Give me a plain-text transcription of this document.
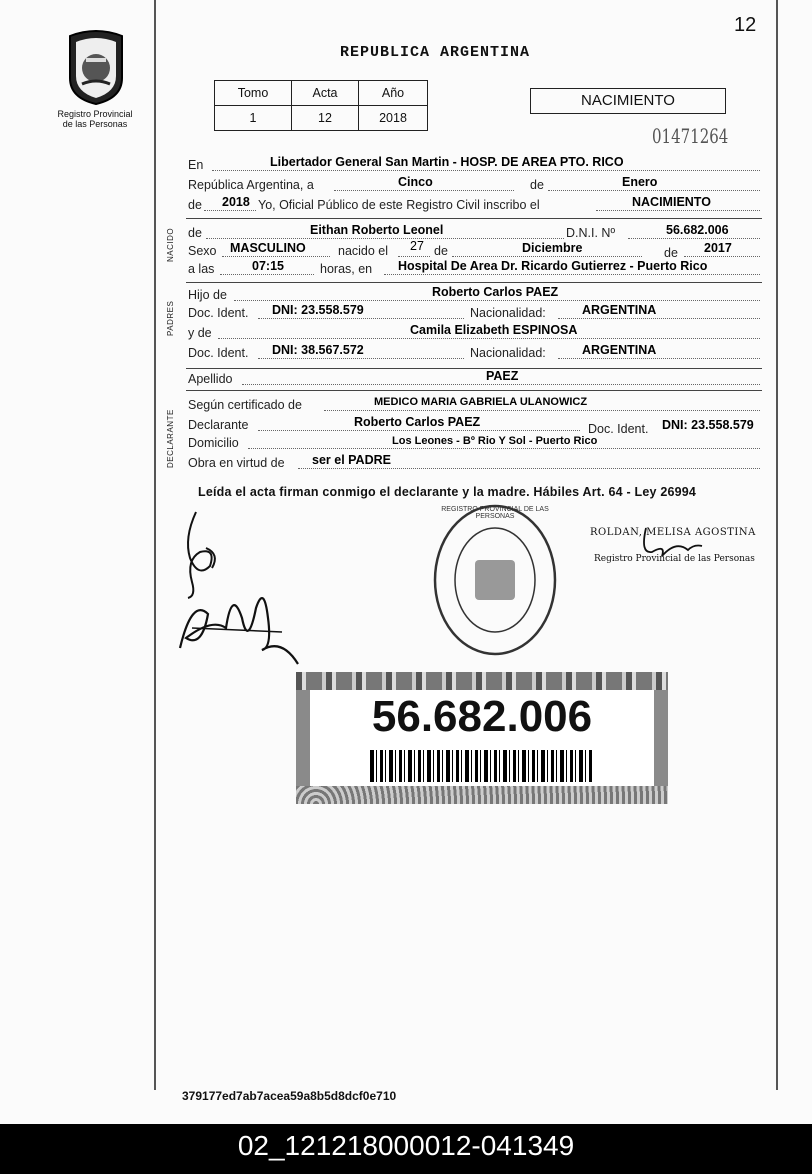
12
Registro Provincial
de las Personas
REPUBLICA ARGENTINA
Tomo	Acta	Año
1	12	2018
NACIMIENTO
01471264
NACIDO
PADRES
DECLARANTE
En	Libertador General San Martin - HOSP. DE AREA PTO. RICO
República Argentina, a	Cinco	de	Enero
de 2018 Yo, Oficial Público de este Registro Civil inscribo el	NACIMIENTO
de	Eithan Roberto Leonel	D.N.I. Nº	56.682.006
Sexo MASCULINO	nacido el 27 de	Diciembre	de 2017
a las	07:15	horas, en Hospital De Area Dr. Ricardo Gutierrez - Puerto Rico
Hijo de	Roberto Carlos PAEZ
Doc. Ident. DNI: 23.558.579	Nacionalidad:	ARGENTINA
y de	Camila Elizabeth ESPINOSA
Doc. Ident. DNI: 38.567.572	Nacionalidad:	ARGENTINA
Apellido	PAEZ
Según certificado de	MEDICO MARIA GABRIELA ULANOWICZ
Declarante	Roberto Carlos PAEZ	Doc. Ident. DNI: 23.558.579
Domicilio	Los Leones - Bº Rio Y Sol - Puerto Rico
Obra en virtud de ser el PADRE
Leída el acta firman conmigo el declarante y la madre. Hábiles Art. 64 - Ley 26994
REGISTRO PROVINCIAL DE LAS PERSONAS
ROLDAN, MELISA AGOSTINA
Registro Provincial de las Personas
56.682.006
379177ed7ab7acea59a8b5d8dcf0e710
02_121218000012-041349
